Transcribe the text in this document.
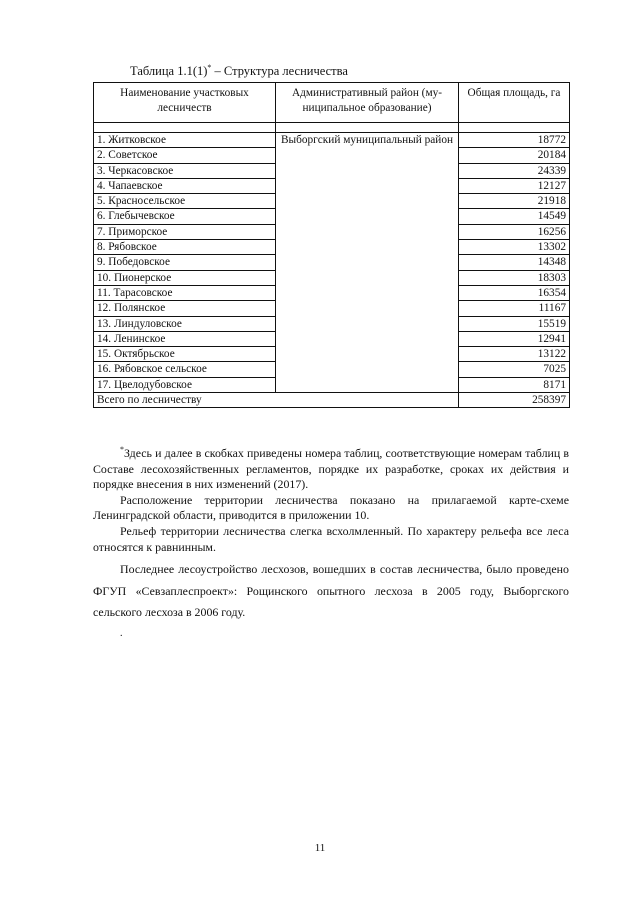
Таблица 1.1(1)* – Структура лесничества
Наименование участковых лесничеств	Административный район (му-ниципальное образование)	Общая площадь, га

1. Житковское	Выборгский муниципальный район	18772
2. Советское		20184
3. Черкасовское		24339
4. Чапаевское		12127
5. Красносельское		21918
6. Глебычевское		14549
7. Приморское		16256
8. Рябовское		13302
9. Победовское		14348
10. Пионерское		18303
11. Тарасовское		16354
12. Полянское		11167
13. Линдуловское		15519
14. Ленинское		12941
15. Октябрьское		13122
16. Рябовское сельское		7025
17. Цвелодубовское		8171
Всего по лесничеству		258397

*Здесь и далее в скобках приведены номера таблиц, соответствующие номерам таблиц в Составе лесохозяйственных регламентов, порядке их разработке, сроках их действия и порядке внесения в них изменений (2017).

Расположение территории лесничества показано на прилагаемой карте-схеме Ленинградской области, приводится в приложении 10.

Рельеф территории лесничества слегка всхолмленный. По характеру рельефа все леса относятся к равнинным.

Последнее лесоустройство лесхозов, вошедших в состав лесничества, было проведено ФГУП «Севзаплеспроект»: Рощинского опытного лесхоза в 2005 году, Выборгского сельского лесхоза в 2006 году.

.
11
